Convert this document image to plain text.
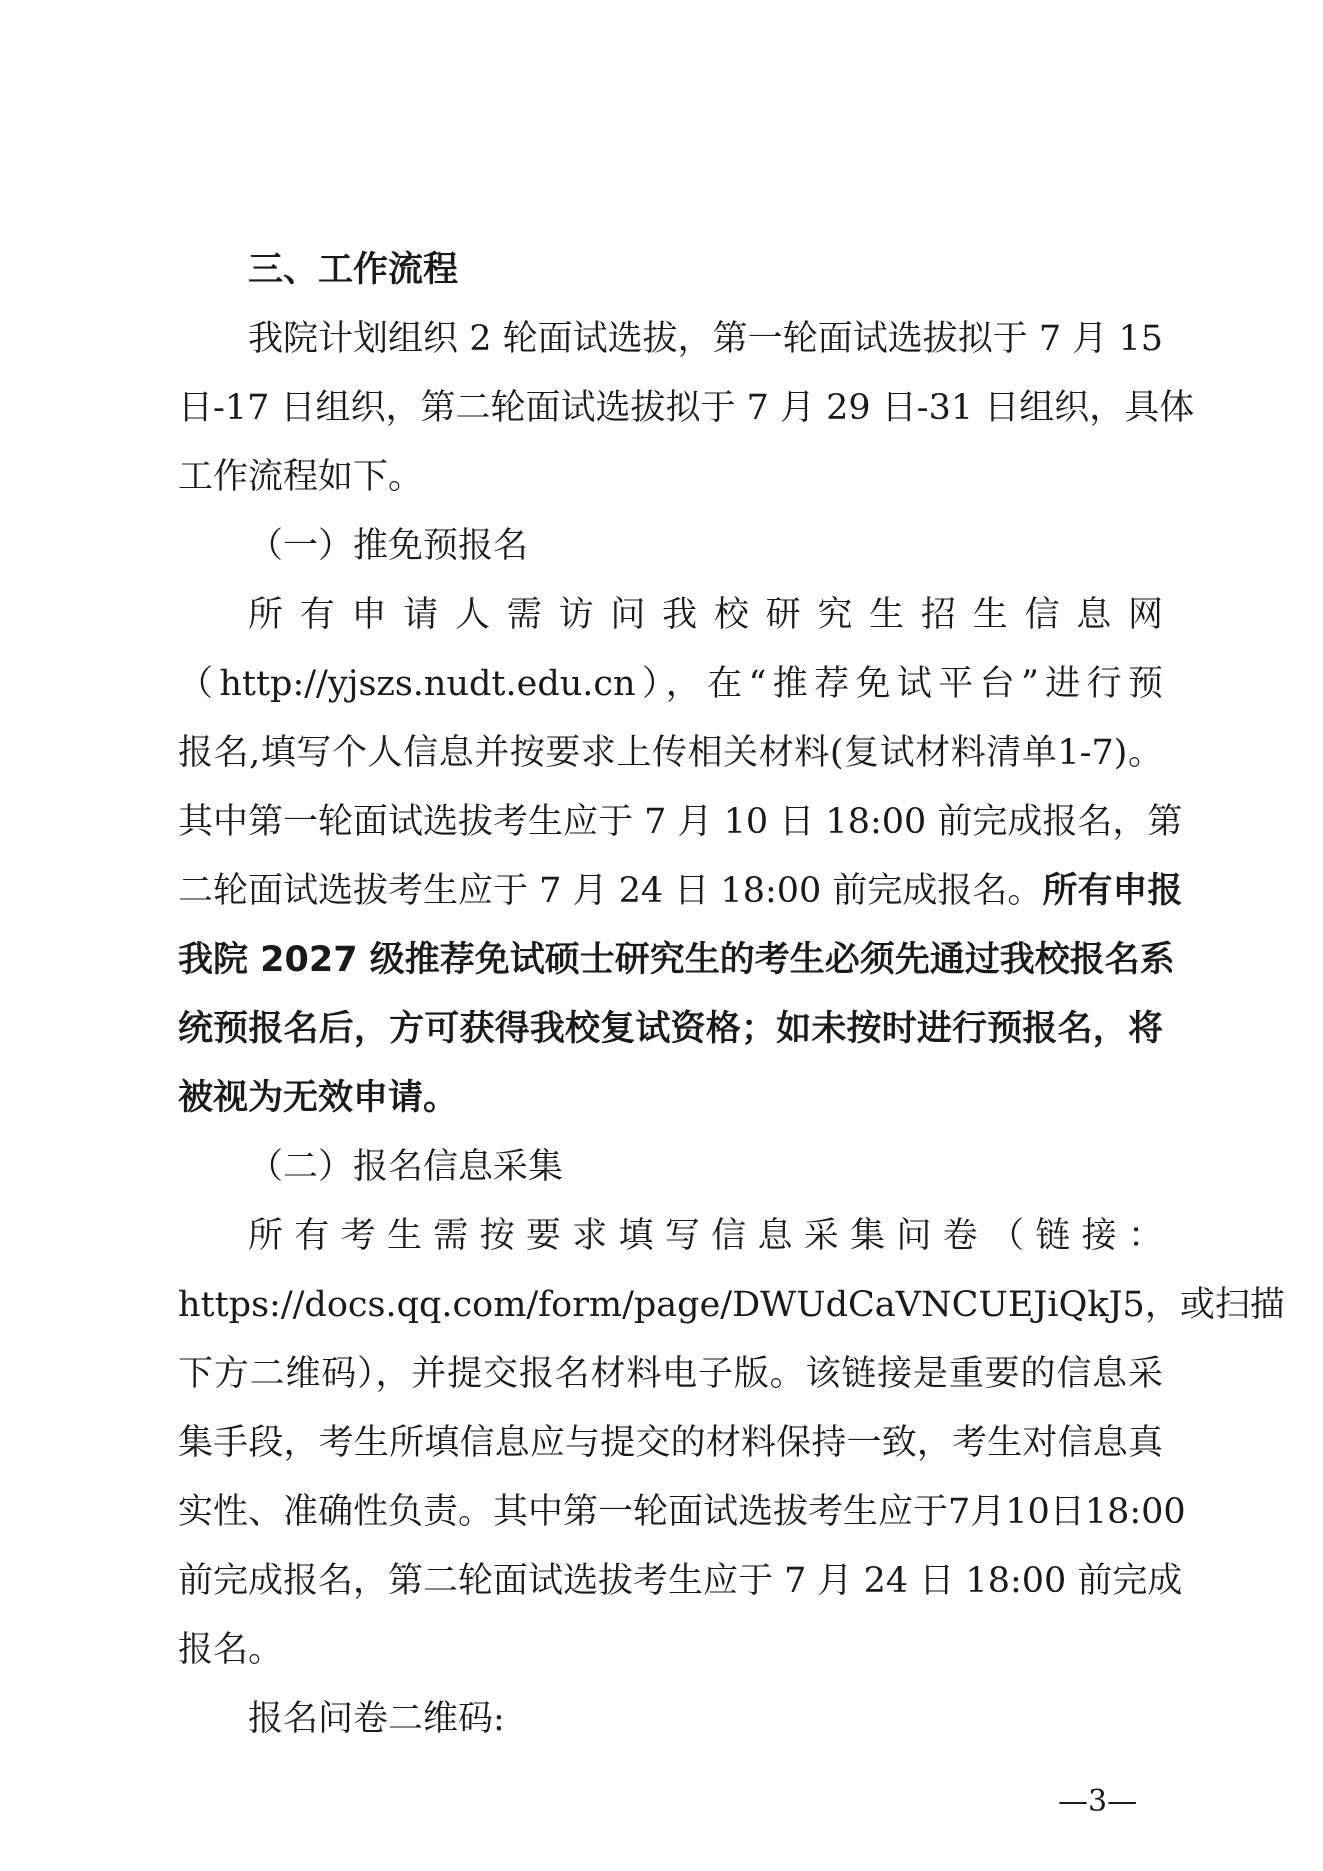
三、工作流程
我院计划组织 2 轮面试选拔，第一轮面试选拔拟于 7 月 15
日-17 日组织，第二轮面试选拔拟于 7 月 29 日-31 日组织，具体
工作流程如下。
（一）推免预报名
所有申请人需访问我校研究生招生信息网
（http://yjszs.nudt.edu.cn），在“推荐免试平台”进行预
报名,填写个人信息并按要求上传相关材料(复试材料清单1-7)。
其中第一轮面试选拔考生应于 7 月 10 日 18:00 前完成报名，第
二轮面试选拔考生应于 7 月 24 日 18:00 前完成报名。所有申报
我院 2027 级推荐免试硕士研究生的考生必须先通过我校报名系
统预报名后，方可获得我校复试资格；如未按时进行预报名，将
被视为无效申请。
（二）报名信息采集
所有考生需按要求填写信息采集问卷（链接：
https://docs.qq.com/form/page/DWUdCaVNCUEJiQkJ5，或扫描
下方二维码），并提交报名材料电子版。该链接是重要的信息采
集手段，考生所填信息应与提交的材料保持一致，考生对信息真
实性、准确性负责。其中第一轮面试选拔考生应于7月10日18:00
前完成报名，第二轮面试选拔考生应于 7 月 24 日 18:00 前完成
报名。
报名问卷二维码:
—3—
